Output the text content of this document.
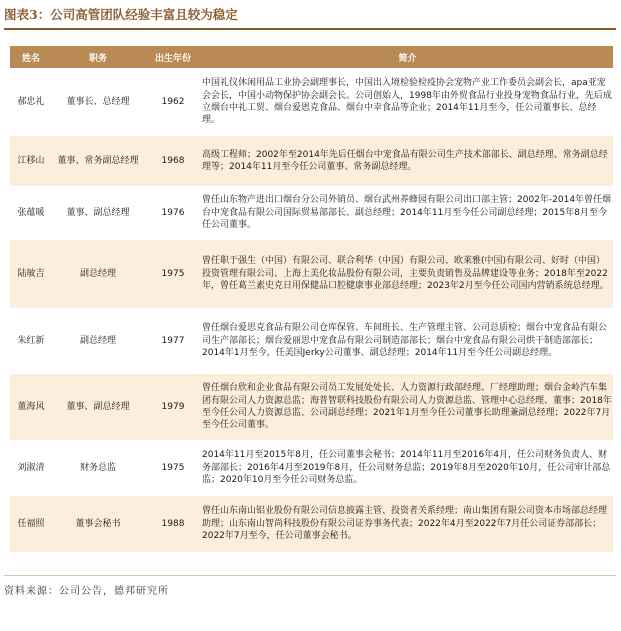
图表3：公司高管团队经验丰富且较为稳定
姓名	职务	出生年份	简介
郝忠礼	董事长、总经理	1962	中国礼仪休闲用品工业协会副理事长，中国出入境检验检疫协会宠物产业工作委员会副会长，apa亚宠会会长，中国小动物保护协会副会长。公司创始人，1998年由外贸食品行业投身宠物食品行业，先后成立烟台中礼工贸、烟台爱恩克食品、烟台中幸食品等企业；2014年11月至今，任公司董事长、总经理。
江移山	董事、常务副总经理	1968	高级工程师；2002年至2014年先后任烟台中宠食品有限公司生产技术部部长、副总经理、常务副总经理等；2014年11月至今任公司董事、常务副总经理。
张蕴暖	董事、副总经理	1976	曾任山东物产进出口烟台分公司外销员、烟台武州养蜂园有限公司出口部主管；2002年-2014年曾任烟台中宠食品有限公司国际贸易部部长、副总经理；2014年11月至今任公司副总经理；2015年8月至今任公司董事。
陆敏吉	副总经理	1975	曾任职于强生（中国）有限公司、联合利华（中国）有限公司、欧莱雅(中国)有限公司、好时（中国）投资管理有限公司、上海上美化妆品股份有限公司，主要负责销售及品牌建设等业务；2018年至2022年，曾任葛兰素史克日用保健品口腔健康事业部总经理；2023年2月至今任公司国内营销系统总经理。
朱红新	副总经理	1977	曾任烟台爱思克食品有限公司仓库保管、车间班长、生产管理主管、公司总质检；烟台中宠食品有限公司生产部部长；烟台爱丽思中宠食品有限公司制造部部长；烟台中宠食品有限公司烘干制造部部长；2014年1月至今，任美国Jerky公司董事、副总经理；2014年11月至今任公司副总经理。
董海风	董事、副总经理	1979	曾任烟台欣和企业食品有限公司员工发展处处长、人力资源行政部经理、厂经理助理；烟台金岭汽车集团有限公司人力资源总监；海普智联科技股份有限公司人力资源总监、管理中心总经理、董事；2018年至今任公司人力资源总监、公司副总经理；2021年1月至今任公司董事长助理兼副总经理；2022年7月至今任公司董事。
刘淑清	财务总监	1975	2014年11月至2015年8月，任公司董事会秘书；2014年11月至2016年4月，任公司财务负责人、财务部部长；2016年4月至2019年8月，任公司财务总监；2019年8月至2020年10月，任公司审计部总监；2020年10月至今任公司财务总监。
任福照	董事会秘书	1988	曾任山东南山铝业股份有限公司信息披露主管、投资者关系经理；南山集团有限公司资本市场部总经理助理；山东南山智尚科技股份有限公司证券事务代表；2022年4月至2022年7月任公司证券部部长；2022年7月至今，任公司董事会秘书。
资料来源：公司公告，德邦研究所
